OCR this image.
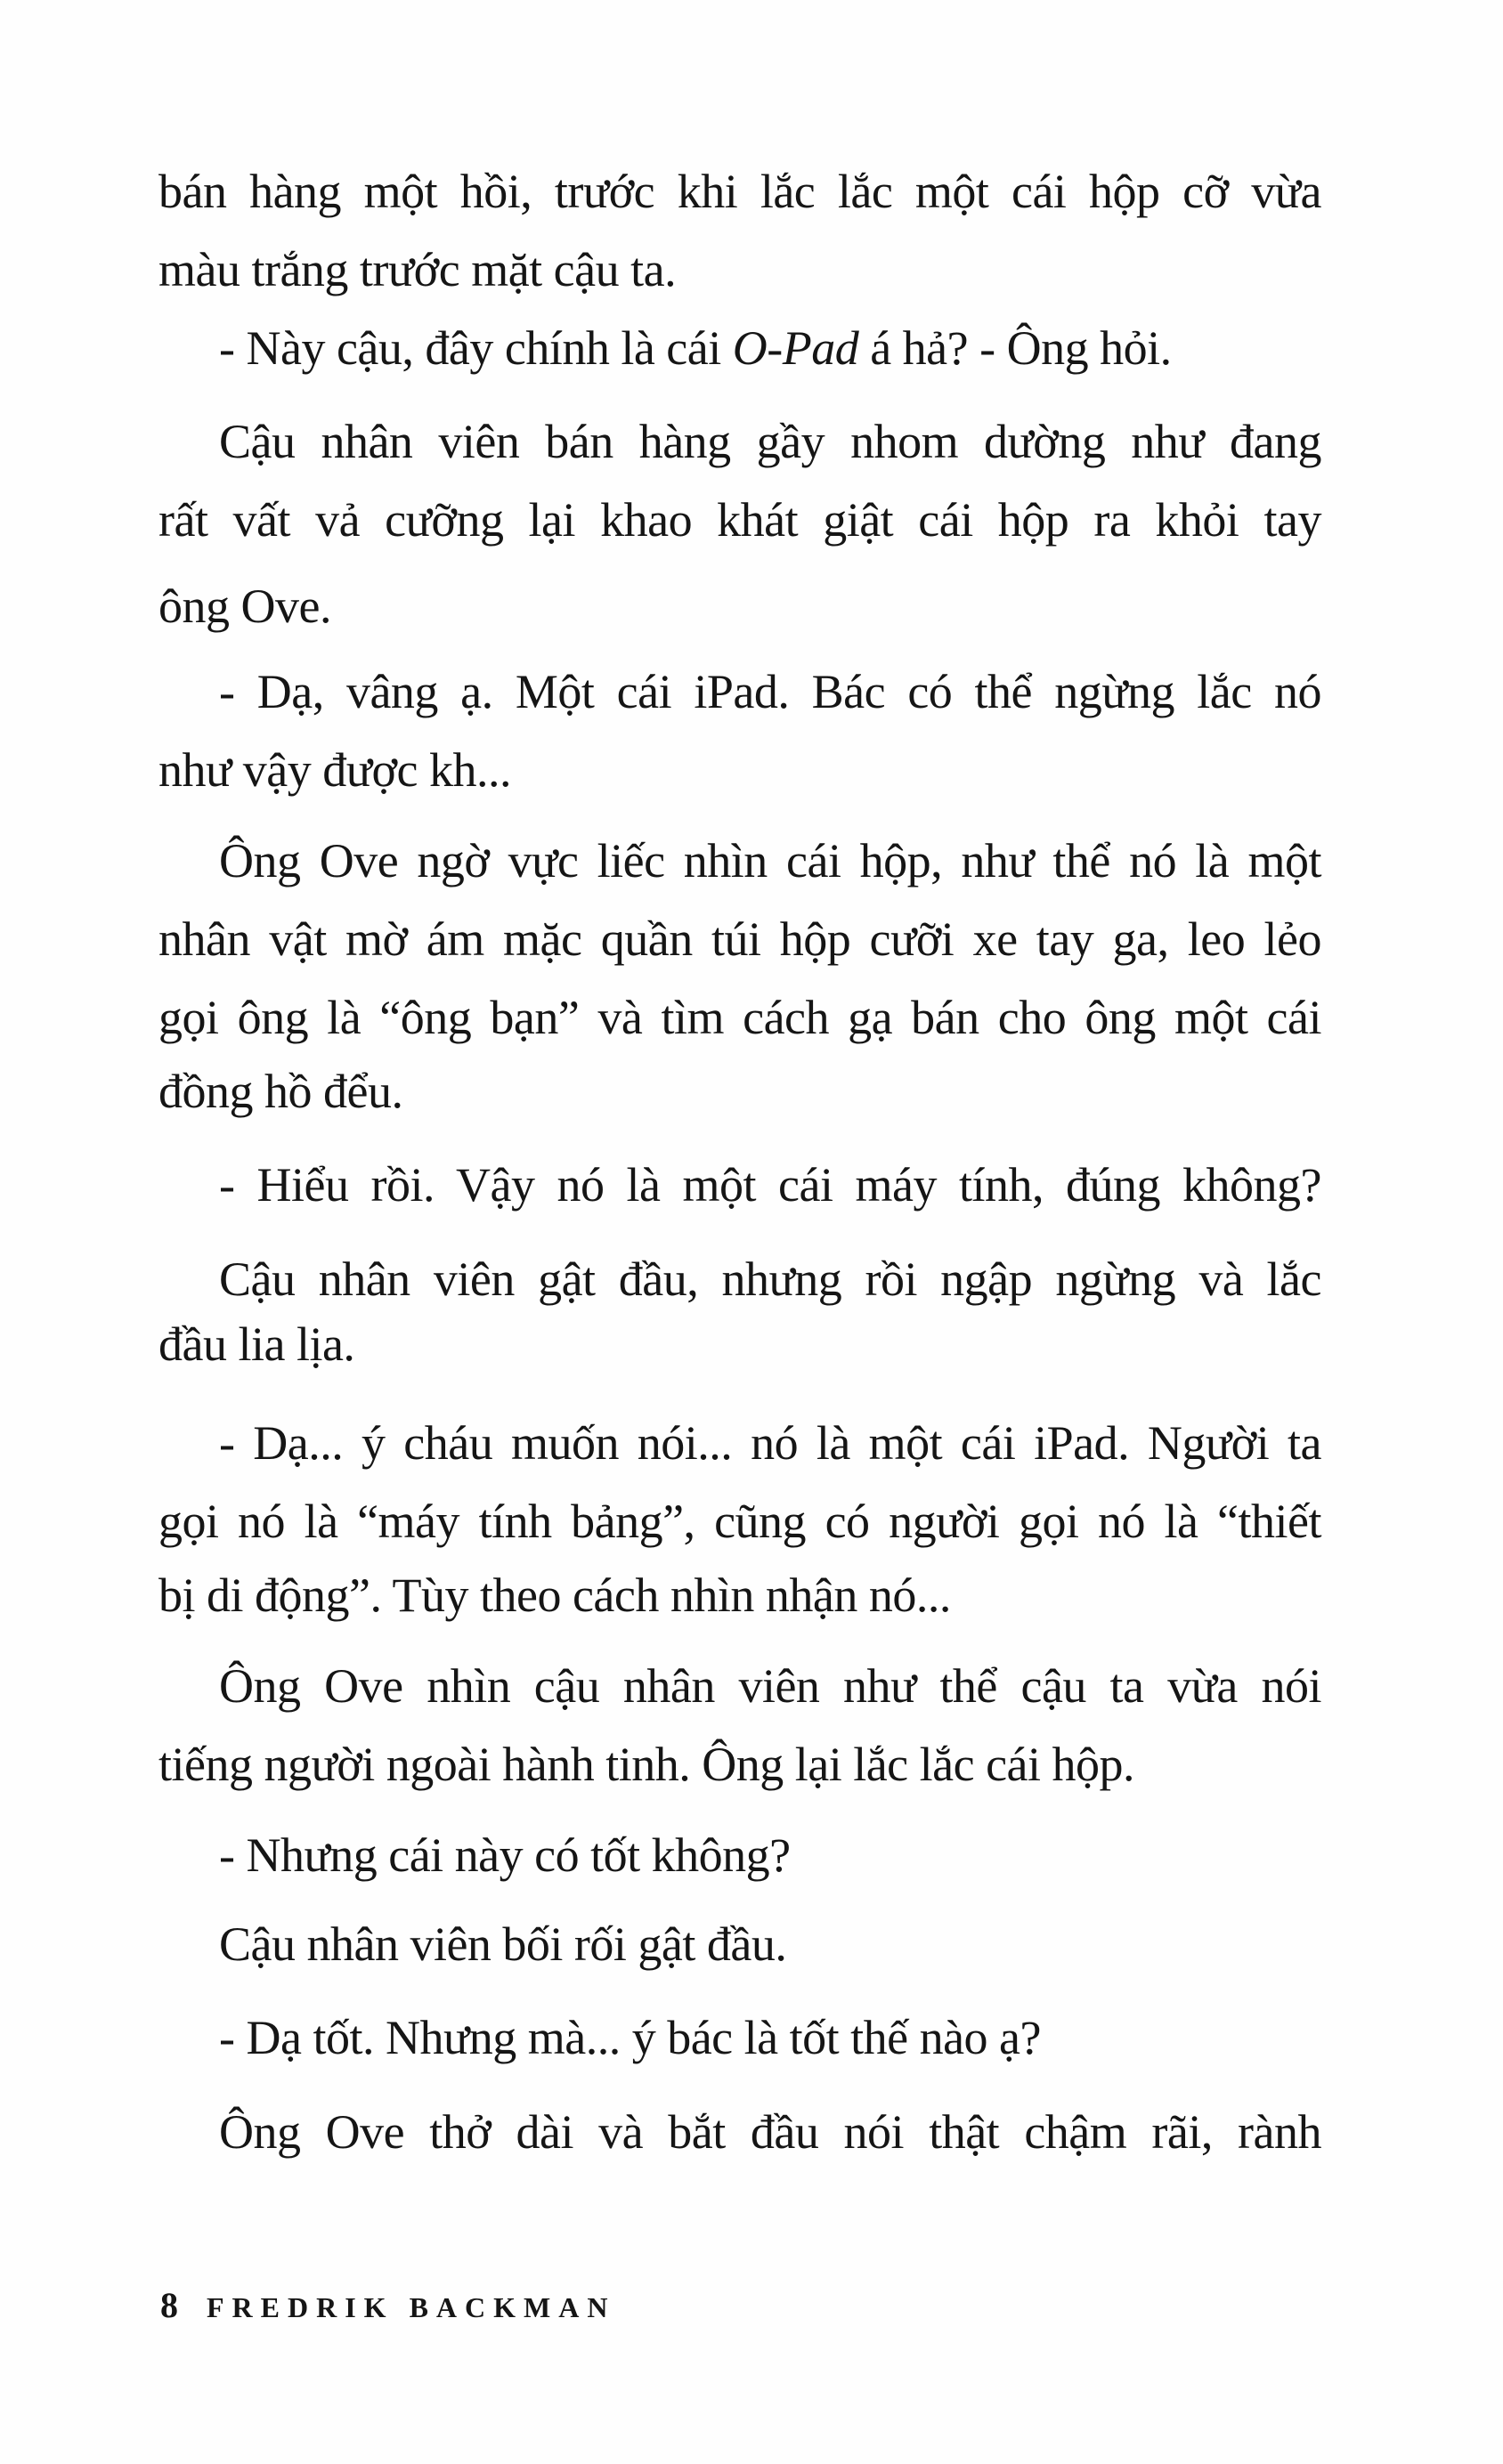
bán hàng một hồi, trước khi lắc lắc một cái hộp cỡ vừa
màu trắng trước mặt cậu ta.
- Này cậu, đây chính là cái O-Pad á hả? - Ông hỏi.
Cậu nhân viên bán hàng gầy nhom dường như đang
rất vất vả cưỡng lại khao khát giật cái hộp ra khỏi tay
ông Ove.
- Dạ, vâng ạ. Một cái iPad. Bác có thể ngừng lắc nó
như vậy được kh...
Ông Ove ngờ vực liếc nhìn cái hộp, như thể nó là một
nhân vật mờ ám mặc quần túi hộp cưỡi xe tay ga, leo lẻo
gọi ông là “ông bạn” và tìm cách gạ bán cho ông một cái
đồng hồ đểu.
- Hiểu rồi. Vậy nó là một cái máy tính, đúng không?
Cậu nhân viên gật đầu, nhưng rồi ngập ngừng và lắc
đầu lia lịa.
- Dạ... ý cháu muốn nói... nó là một cái iPad. Người ta
gọi nó là “máy tính bảng”, cũng có người gọi nó là “thiết
bị di động”. Tùy theo cách nhìn nhận nó...
Ông Ove nhìn cậu nhân viên như thể cậu ta vừa nói
tiếng người ngoài hành tinh. Ông lại lắc lắc cái hộp.
- Nhưng cái này có tốt không?
Cậu nhân viên bối rối gật đầu.
- Dạ tốt. Nhưng mà... ý bác là tốt thế nào ạ?
Ông Ove thở dài và bắt đầu nói thật chậm rãi, rành
8 FREDRIK BACKMAN
